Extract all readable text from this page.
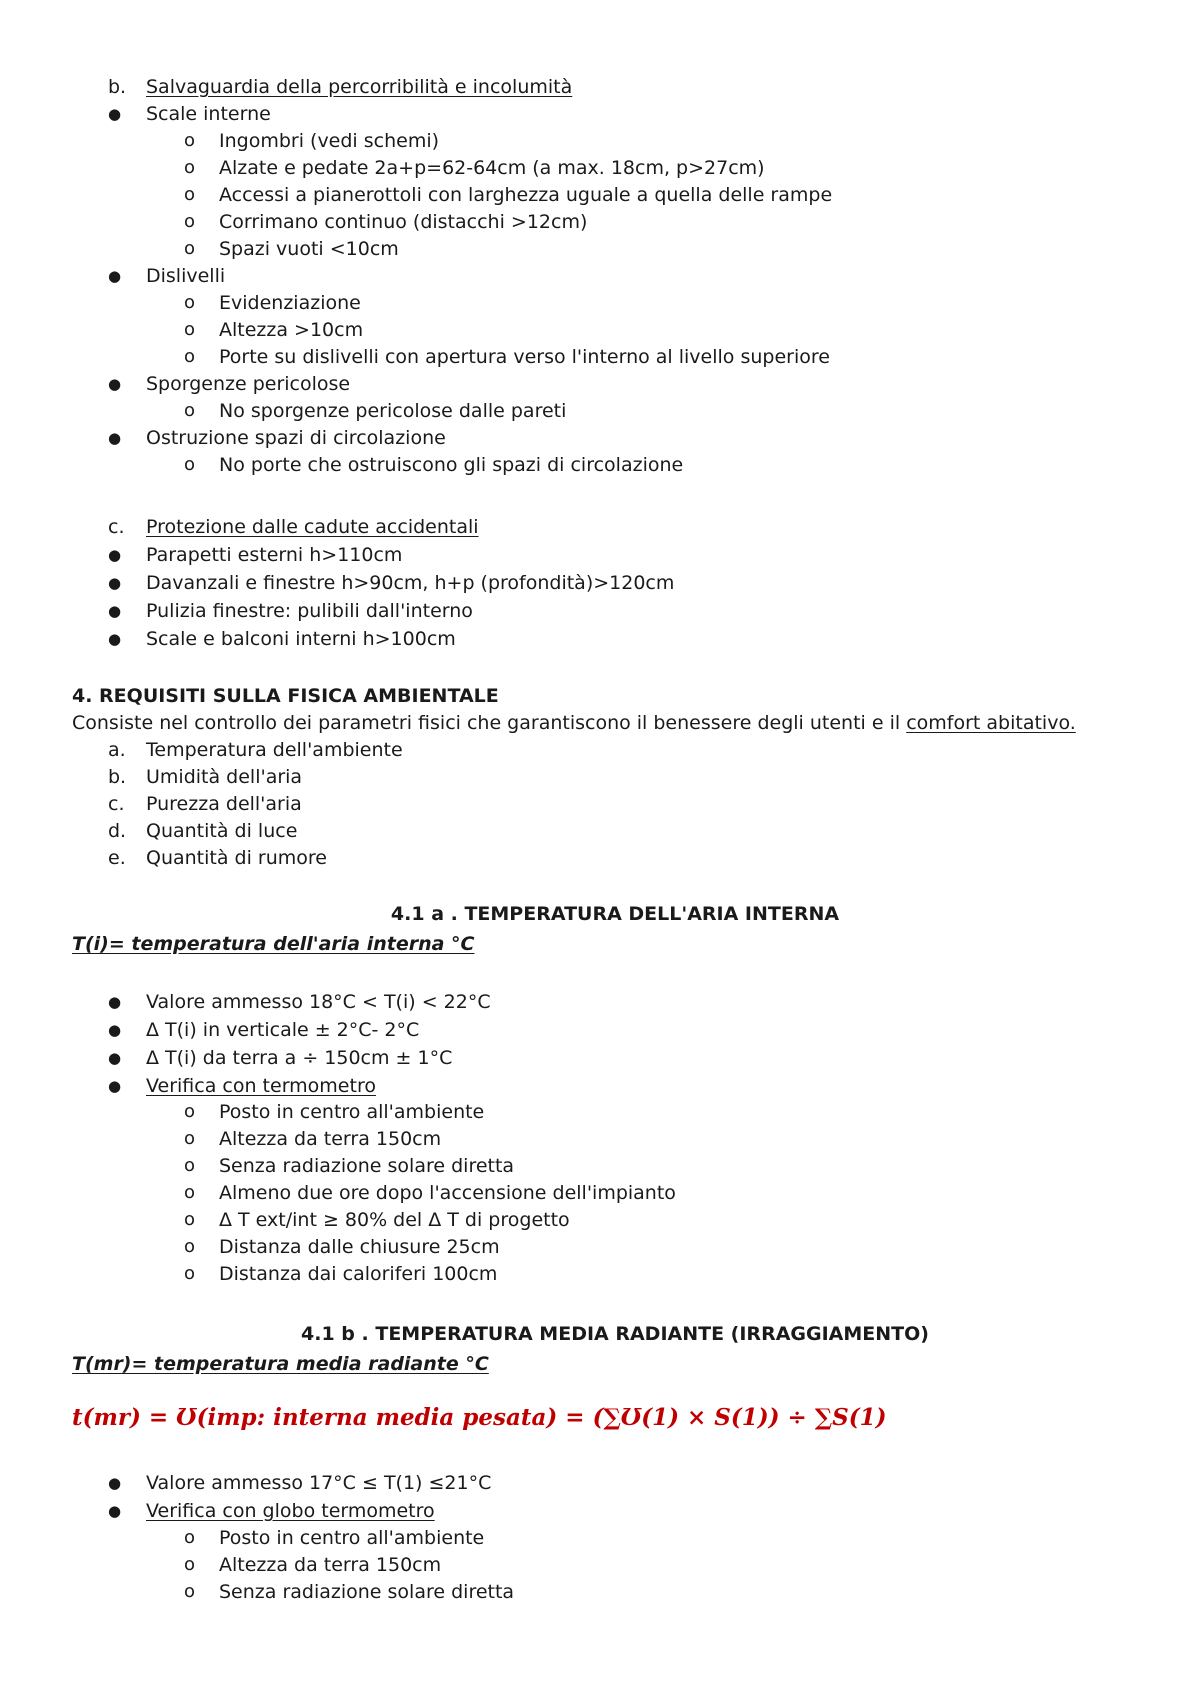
b. Salvaguardia della percorribilità e incolumità
● Scale interne
o Ingombri (vedi schemi)
o Alzate e pedate 2a+p=62-64cm (a max. 18cm, p>27cm)
o Accessi a pianerottoli con larghezza uguale a quella delle rampe
o Corrimano continuo (distacchi >12cm)
o Spazi vuoti <10cm
● Dislivelli
o Evidenziazione
o Altezza >10cm
o Porte su dislivelli con apertura verso l'interno al livello superiore
● Sporgenze pericolose
o No sporgenze pericolose dalle pareti
● Ostruzione spazi di circolazione
o No porte che ostruiscono gli spazi di circolazione
c. Protezione dalle cadute accidentali
● Parapetti esterni h>110cm
● Davanzali e finestre h>90cm, h+p (profondità)>120cm
● Pulizia finestre: pulibili dall'interno
● Scale e balconi interni h>100cm
4. REQUISITI SULLA FISICA AMBIENTALE
Consiste nel controllo dei parametri fisici che garantiscono il benessere degli utenti e il comfort abitativo.
a. Temperatura dell'ambiente
b. Umidità dell'aria
c. Purezza dell'aria
d. Quantità di luce
e. Quantità di rumore
4.1 a . TEMPERATURA DELL'ARIA INTERNA
T(i)= temperatura dell'aria interna °C
● Valore ammesso 18°C < T(i) < 22°C
● Δ T(i) in verticale ± 2°C- 2°C
● Δ T(i) da terra a ÷ 150cm ± 1°C
● Verifica con termometro
o Posto in centro all'ambiente
o Altezza da terra 150cm
o Senza radiazione solare diretta
o Almeno due ore dopo l'accensione dell'impianto
o Δ T ext/int ≥ 80% del Δ T di progetto
o Distanza dalle chiusure 25cm
o Distanza dai caloriferi 100cm
4.1 b . TEMPERATURA MEDIA RADIANTE (IRRAGGIAMENTO)
T(mr)= temperatura media radiante °C
t(mr) = Ʊ(imp: interna media pesata) = (∑Ʊ(1) × S(1)) ÷ ∑S(1)
● Valore ammesso 17°C ≤ T(1) ≤21°C
● Verifica con globo termometro
o Posto in centro all'ambiente
o Altezza da terra 150cm
o Senza radiazione solare diretta
